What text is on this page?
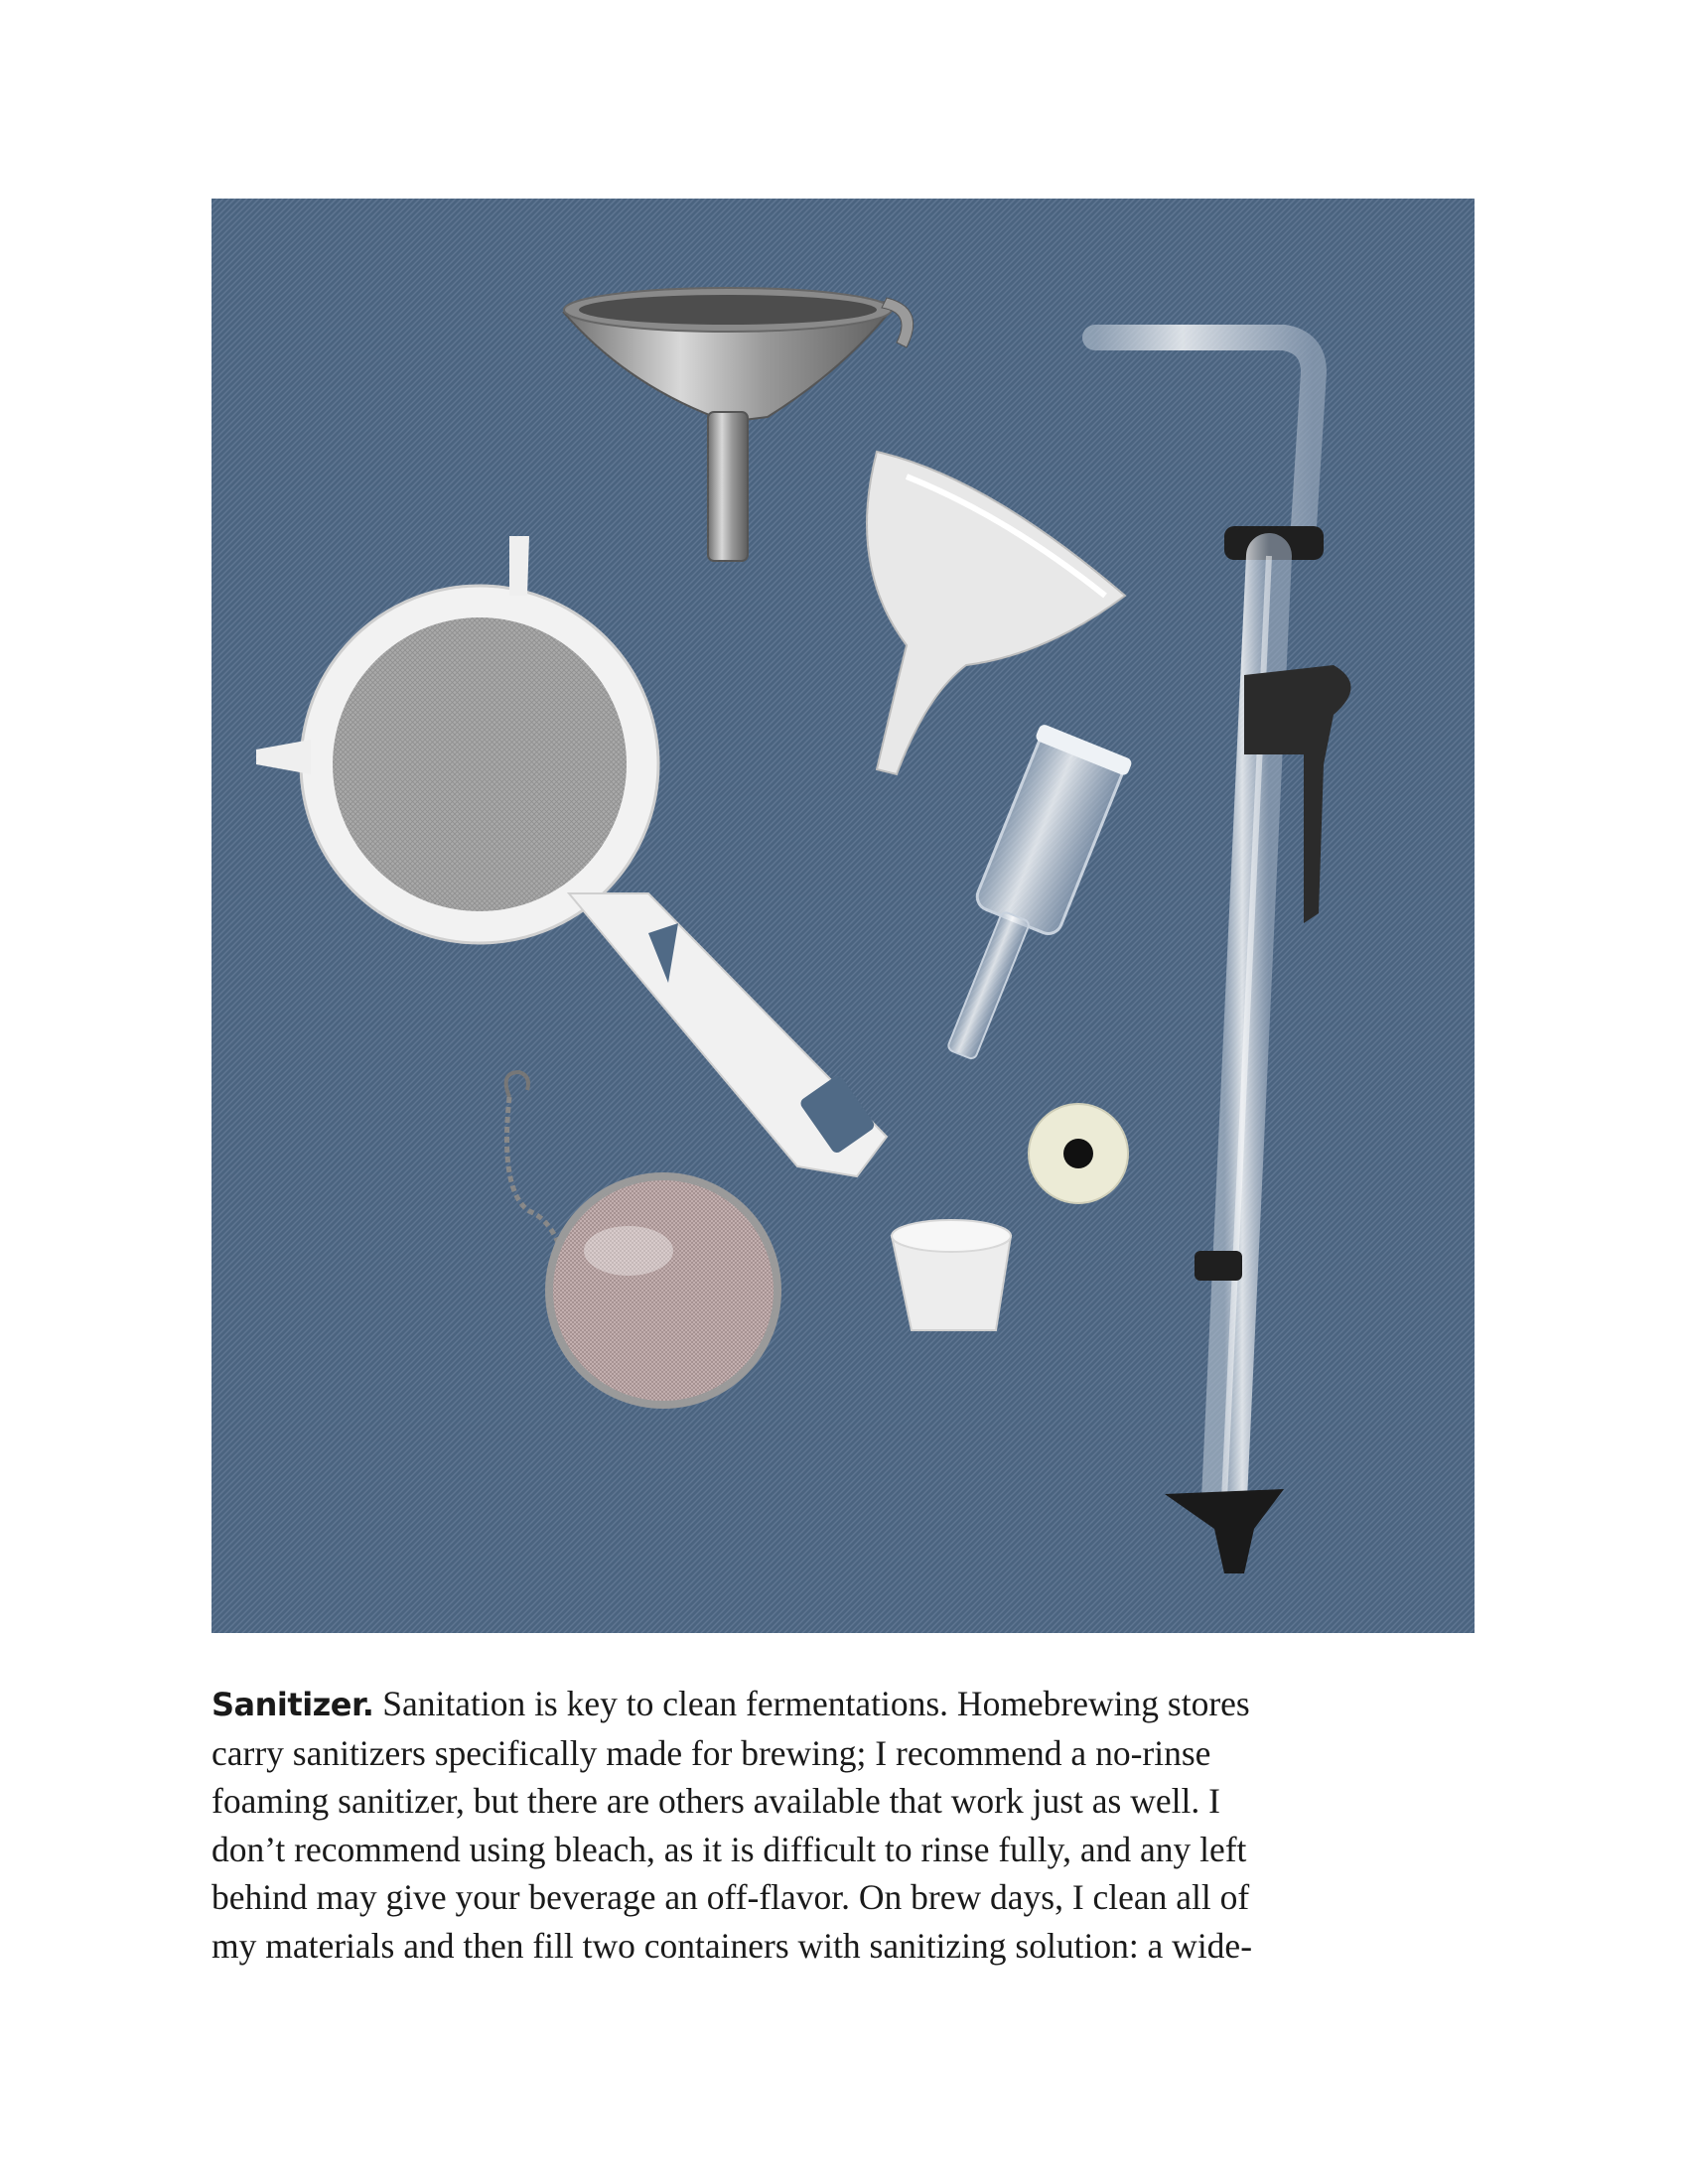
Sanitizer. Sanitation is key to clean fermentations. Homebrewing stores
carry sanitizers specifically made for brewing; I recommend a no-rinse
foaming sanitizer, but there are others available that work just as well. I
don’t recommend using bleach, as it is difficult to rinse fully, and any left
behind may give your beverage an off-flavor. On brew days, I clean all of
my materials and then fill two containers with sanitizing solution: a wide-
